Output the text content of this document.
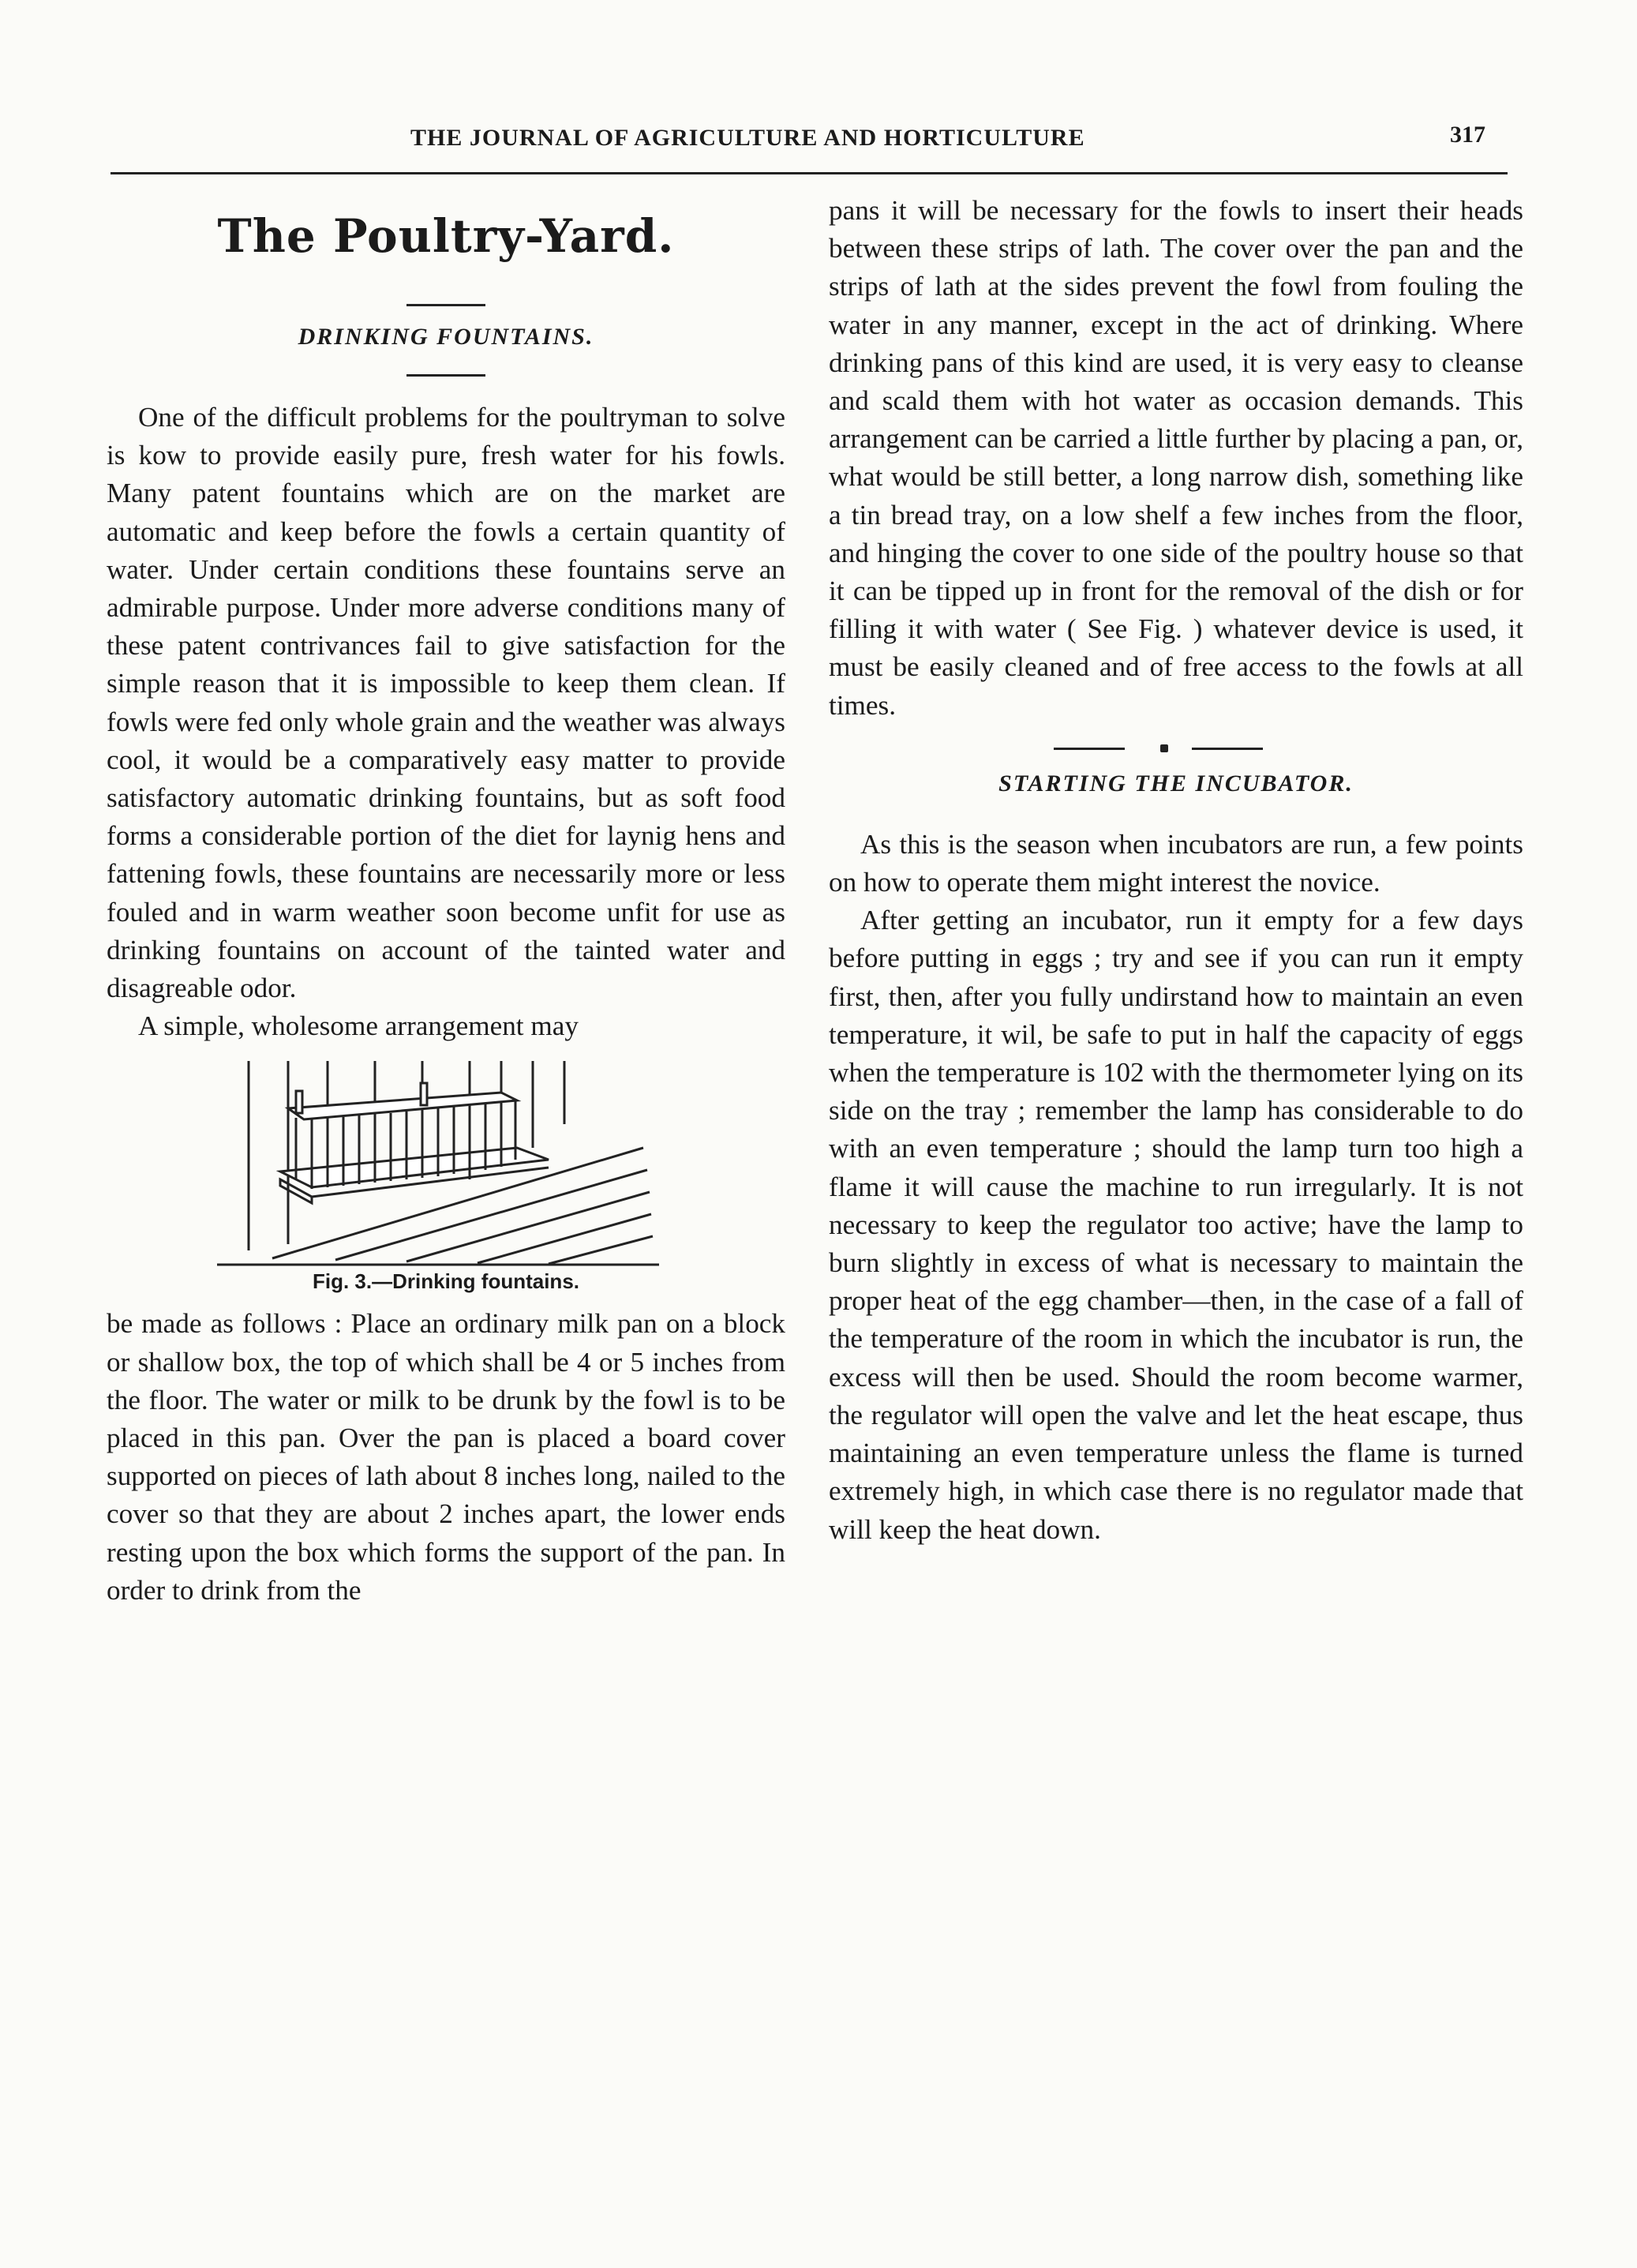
THE JOURNAL OF AGRICULTURE AND HORTICULTURE	317
The Poultry-Yard.
DRINKING FOUNTAINS.

One of the difficult problems for the poultryman to solve is kow to provide easily pure, fresh water for his fowls. Many patent fountains which are on the market are automatic and keep before the fowls a certain quantity of water. Under certain conditions these fountains serve an admirable purpose. Under more adverse conditions many of these patent contrivances fail to give satisfaction for the simple reason that it is impossible to keep them clean. If fowls were fed only whole grain and the weather was always cool, it would be a comparatively easy matter to provide satisfactory automatic drinking fountains, but as soft food forms a considerable portion of the diet for laynig hens and fattening fowls, these fountains are necessarily more or less fouled and in warm weather soon become unfit for use as drinking fountains on account of the tainted water and disagreable odor.

A simple, wholesome arrangement may

Fig. 3.—Drinking fountains.

be made as follows : Place an ordinary milk pan on a block or shallow box, the top of which shall be 4 or 5 inches from the floor. The water or milk to be drunk by the fowl is to be placed in this pan. Over the pan is placed a board cover supported on pieces of lath about 8 inches long, nailed to the cover so that they are about 2 inches apart, the lower ends resting upon the box which forms the support of the pan. In order to drink from the

pans it will be necessary for the fowls to insert their heads between these strips of lath. The cover over the pan and the strips of lath at the sides prevent the fowl from fouling the water in any manner, except in the act of drinking. Where drinking pans of this kind are used, it is very easy to cleanse and scald them with hot water as occasion demands. This arrangement can be carried a little further by placing a pan, or, what would be still better, a long narrow dish, something like a tin bread tray, on a low shelf a few inches from the floor, and hinging the cover to one side of the poultry house so that it can be tipped up in front for the removal of the dish or for filling it with water ( See Fig. ) whatever device is used, it must be easily cleaned and of free access to the fowls at all times.

STARTING THE INCUBATOR.

As this is the season when incubators are run, a few points on how to operate them might interest the novice.

After getting an incubator, run it empty for a few days before putting in eggs ; try and see if you can run it empty first, then, after you fully undirstand how to maintain an even temperature, it wil, be safe to put in half the capacity of eggs when the temperature is 102 with the thermometer lying on its side on the tray ; remember the lamp has considerable to do with an even temperature ; should the lamp turn too high a flame it will cause the machine to run irregularly. It is not necessary to keep the regulator too active; have the lamp to burn slightly in excess of what is necessary to maintain the proper heat of the egg chamber—then, in the case of a fall of the temperature of the room in which the incubator is run, the excess will then be used. Should the room become warmer, the regulator will open the valve and let the heat escape, thus maintaining an even temperature unless the flame is turned extremely high, in which case there is no regulator made that will keep the heat down.
